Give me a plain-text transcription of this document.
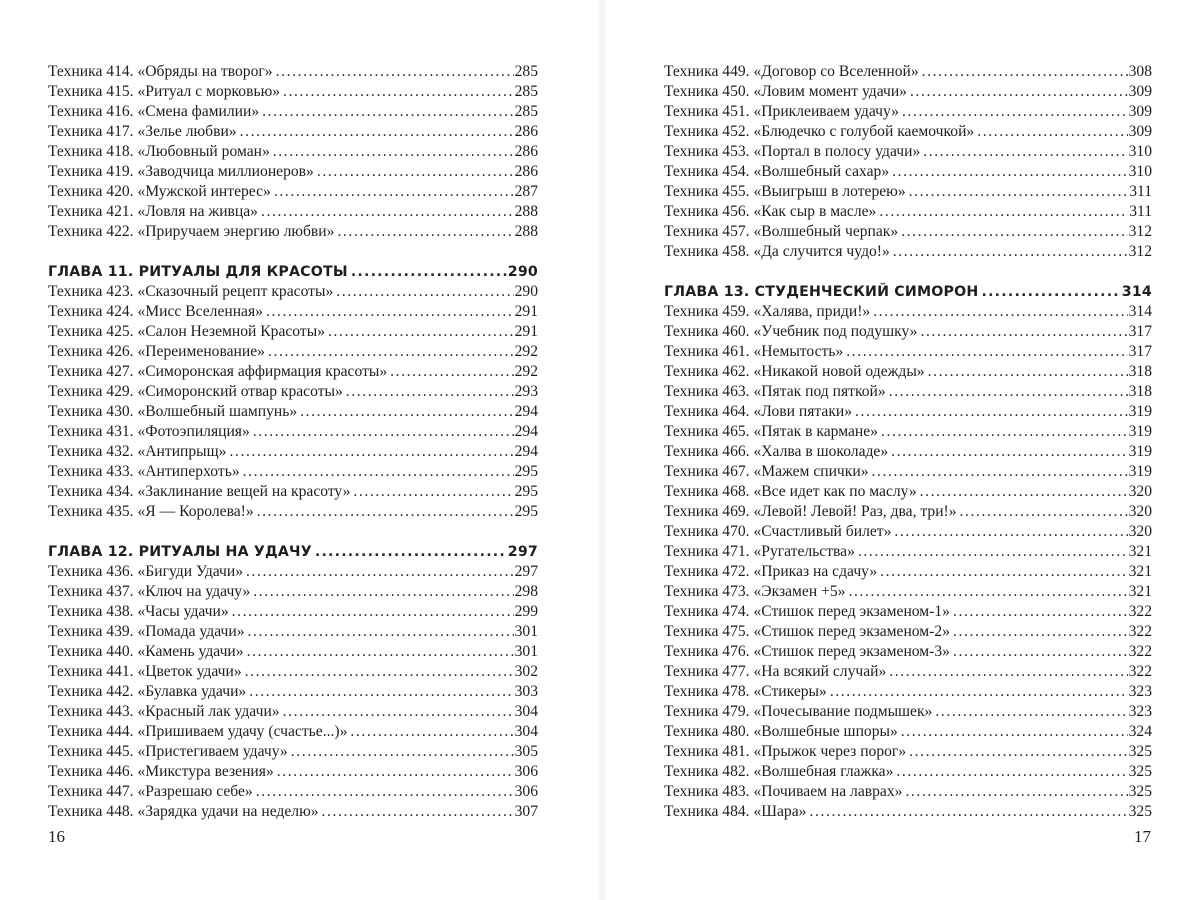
Техника 414. «Обряды на творог» .....	285
Техника 415. «Ритуал с морковью» .....	285
Техника 416. «Смена фамилии» .....	285
Техника 417. «Зелье любви» .....	286
Техника 418. «Любовный роман» .....	286
Техника 419. «Заводчица миллионеров» .....	286
Техника 420. «Мужской интерес» .....	287
Техника 421. «Ловля на живца» .....	288
Техника 422. «Приручаем энергию любви» .....	288
ГЛАВА 11. РИТУАЛЫ ДЛЯ КРАСОТЫ .....	290
Техника 423. «Сказочный рецепт красоты» .....	290
Техника 424. «Мисс Вселенная» .....	291
Техника 425. «Салон Неземной Красоты» .....	291
Техника 426. «Переименование» .....	292
Техника 427. «Симоронская аффирмация красоты» .....	292
Техника 429. «Симоронский отвар красоты» .....	293
Техника 430. «Волшебный шампунь» .....	294
Техника 431. «Фотоэпиляция» .....	294
Техника 432. «Антипрыщ» .....	294
Техника 433. «Антиперхоть» .....	295
Техника 434. «Заклинание вещей на красоту» .....	295
Техника 435. «Я — Королева!» .....	295
ГЛАВА 12. РИТУАЛЫ НА УДАЧУ .....	297
Техника 436. «Бигуди Удачи» .....	297
Техника 437. «Ключ на удачу» .....	298
Техника 438. «Часы удачи» .....	299
Техника 439. «Помада удачи» .....	301
Техника 440. «Камень удачи» .....	301
Техника 441. «Цветок удачи» .....	302
Техника 442. «Булавка удачи» .....	303
Техника 443. «Красный лак удачи» .....	304
Техника 444. «Пришиваем удачу (счастье...)» .....	304
Техника 445. «Пристегиваем удачу» .....	305
Техника 446. «Микстура везения» .....	306
Техника 447. «Разрешаю себе» .....	306
Техника 448. «Зарядка удачи на неделю» .....	307
Техника 449. «Договор со Вселенной» .....	308
Техника 450. «Ловим момент удачи» .....	309
Техника 451. «Приклеиваем удачу» .....	309
Техника 452. «Блюдечко с голубой каемочкой» .....	309
Техника 453. «Портал в полосу удачи» .....	310
Техника 454. «Волшебный сахар» .....	310
Техника 455. «Выигрыш в лотерею» .....	311
Техника 456. «Как сыр в масле» .....	311
Техника 457. «Волшебный черпак» .....	312
Техника 458. «Да случится чудо!» .....	312
ГЛАВА 13. СТУДЕНЧЕСКИЙ СИМОРОН .....	314
Техника 459. «Халява, приди!» .....	314
Техника 460. «Учебник под подушку» .....	317
Техника 461. «Немытость» .....	317
Техника 462. «Никакой новой одежды» .....	318
Техника 463. «Пятак под пяткой» .....	318
Техника 464. «Лови пятаки» .....	319
Техника 465. «Пятак в кармане» .....	319
Техника 466. «Халва в шоколаде» .....	319
Техника 467. «Мажем спички» .....	319
Техника 468. «Все идет как по маслу» .....	320
Техника 469. «Левой! Левой! Раз, два, три!» .....	320
Техника 470. «Счастливый билет» .....	320
Техника 471. «Ругательства» .....	321
Техника 472. «Приказ на сдачу» .....	321
Техника 473. «Экзамен +5» .....	321
Техника 474. «Стишок перед экзаменом-1» .....	322
Техника 475. «Стишок перед экзаменом-2» .....	322
Техника 476. «Стишок перед экзаменом-3» .....	322
Техника 477. «На всякий случай» .....	322
Техника 478. «Стикеры» .....	323
Техника 479. «Почесывание подмышек» .....	323
Техника 480. «Волшебные шпоры» .....	324
Техника 481. «Прыжок через порог» .....	325
Техника 482. «Волшебная глажка» .....	325
Техника 483. «Почиваем на лаврах» .....	325
Техника 484. «Шара» .....	325
16	17
